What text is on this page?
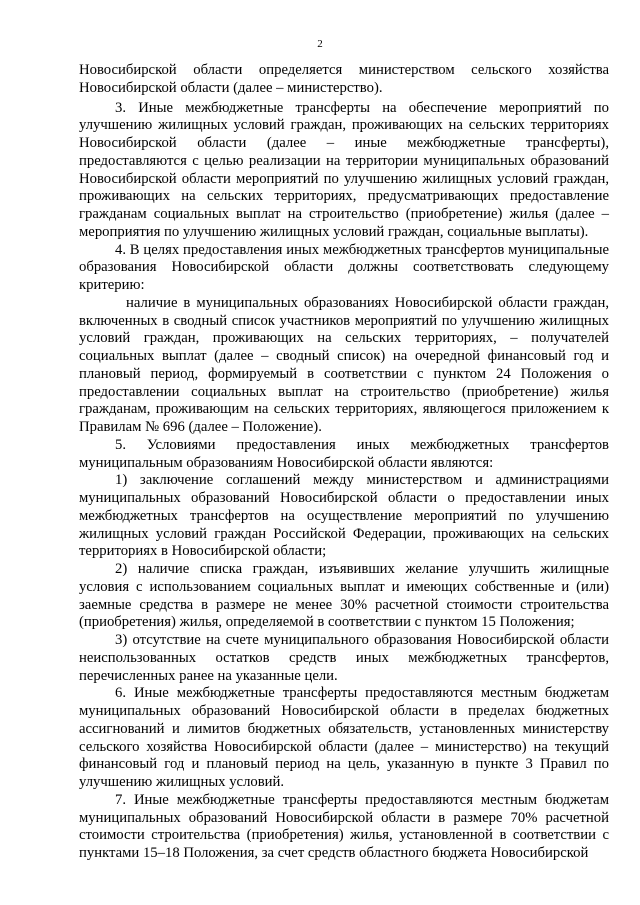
2

Новосибирской области определяется министерством сельского хозяйства Новосибирской области (далее – министерство).

3. Иные межбюджетные трансферты на обеспечение мероприятий по улучшению жилищных условий граждан, проживающих на сельских территориях Новосибирской области (далее – иные межбюджетные трансферты), предоставляются с целью реализации на территории муниципальных образований Новосибирской области мероприятий по улучшению жилищных условий граждан, проживающих на сельских территориях, предусматривающих предоставление гражданам социальных выплат на строительство (приобретение) жилья (далее – мероприятия по улучшению жилищных условий граждан, социальные выплаты).

4. В целях предоставления иных межбюджетных трансфертов муниципальные образования Новосибирской области должны соответствовать следующему критерию:

наличие в муниципальных образованиях Новосибирской области граждан, включенных в сводный список участников мероприятий по улучшению жилищных условий граждан, проживающих на сельских территориях, – получателей социальных выплат (далее – сводный список) на очередной финансовый год и плановый период, формируемый в соответствии с пунктом 24 Положения о предоставлении социальных выплат на строительство (приобретение) жилья гражданам, проживающим на сельских территориях, являющегося приложением к Правилам № 696 (далее – Положение).

5. Условиями предоставления иных межбюджетных трансфертов муниципальным образованиям Новосибирской области являются:

1) заключение соглашений между министерством и администрациями муниципальных образований Новосибирской области о предоставлении иных межбюджетных трансфертов на осуществление мероприятий по улучшению жилищных условий граждан Российской Федерации, проживающих на сельских территориях в Новосибирской области;

2) наличие списка граждан, изъявивших желание улучшить жилищные условия с использованием социальных выплат и имеющих собственные и (или) заемные средства в размере не менее 30% расчетной стоимости строительства (приобретения) жилья, определяемой в соответствии с пунктом 15 Положения;

3) отсутствие на счете муниципального образования Новосибирской области неиспользованных остатков средств иных межбюджетных трансфертов, перечисленных ранее на указанные цели.

6. Иные межбюджетные трансферты предоставляются местным бюджетам муниципальных образований Новосибирской области в пределах бюджетных ассигнований и лимитов бюджетных обязательств, установленных министерству сельского хозяйства Новосибирской области (далее – министерство) на текущий финансовый год и плановый период на цель, указанную в пункте 3 Правил по улучшению жилищных условий.

7. Иные межбюджетные трансферты предоставляются местным бюджетам муниципальных образований Новосибирской области в размере 70% расчетной стоимости строительства (приобретения) жилья, установленной в соответствии с пунктами 15–18 Положения, за счет средств областного бюджета Новосибирской
